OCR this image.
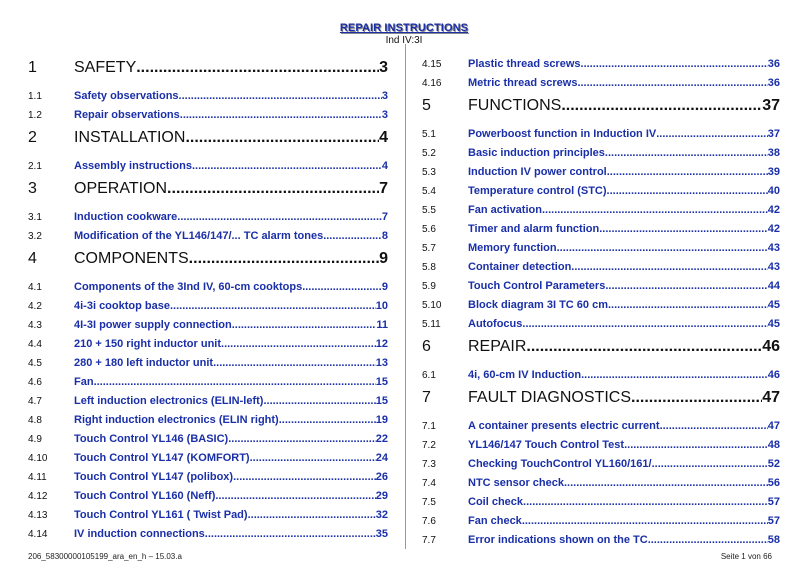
REPAIR INSTRUCTIONS
Ind IV:3I
1	SAFETY .....	3
1.1	Safety observations .....	3
1.2	Repair observations .....	3
2	INSTALLATION .....	4
2.1	Assembly instructions .....	4
3	OPERATION .....	7
3.1	Induction cookware .....	7
3.2	Modification of the YL146/147/... TC alarm tones .....	8
4	COMPONENTS .....	9
4.1	Components of the 3Ind IV, 60-cm cooktops .....	9
4.2	4i-3i cooktop base .....	10
4.3	4I-3I power supply connection .....	11
4.4	210 + 150 right inductor unit .....	12
4.5	280 + 180 left inductor unit .....	13
4.6	Fan .....	15
4.7	Left induction electronics (ELIN-left) .....	15
4.8	Right induction electronics (ELIN right) .....	19
4.9	Touch Control YL146 (BASIC) .....	22
4.10	Touch Control YL147 (KOMFORT) .....	24
4.11	Touch Control YL147 (polibox) .....	26
4.12	Touch Control YL160 (Neff) .....	29
4.13	Touch Control YL161 ( Twist Pad) .....	32
4.14	IV induction connections .....	35
4.15	Plastic thread screws .....	36
4.16	Metric thread screws .....	36
5	FUNCTIONS .....	37
5.1	Powerboost function in Induction IV .....	37
5.2	Basic induction principles .....	38
5.3	Induction IV power control .....	39
5.4	Temperature control (STC) .....	40
5.5	Fan activation .....	42
5.6	Timer and alarm function .....	42
5.7	Memory function .....	43
5.8	Container detection .....	43
5.9	Touch Control Parameters .....	44
5.10	Block diagram 3I TC 60 cm .....	45
5.11	Autofocus .....	45
6	REPAIR .....	46
6.1	4i, 60-cm IV Induction .....	46
7	FAULT DIAGNOSTICS .....	47
7.1	A container presents electric current .....	47
7.2	YL146/147 Touch Control Test .....	48
7.3	Checking TouchControl YL160/161/ .....	52
7.4	NTC sensor check .....	56
7.5	Coil check .....	57
7.6	Fan check .....	57
7.7	Error indications shown on the TC .....	58
206_58300000105199_ara_en_h – 15.03.a	Seite 1 von 66
